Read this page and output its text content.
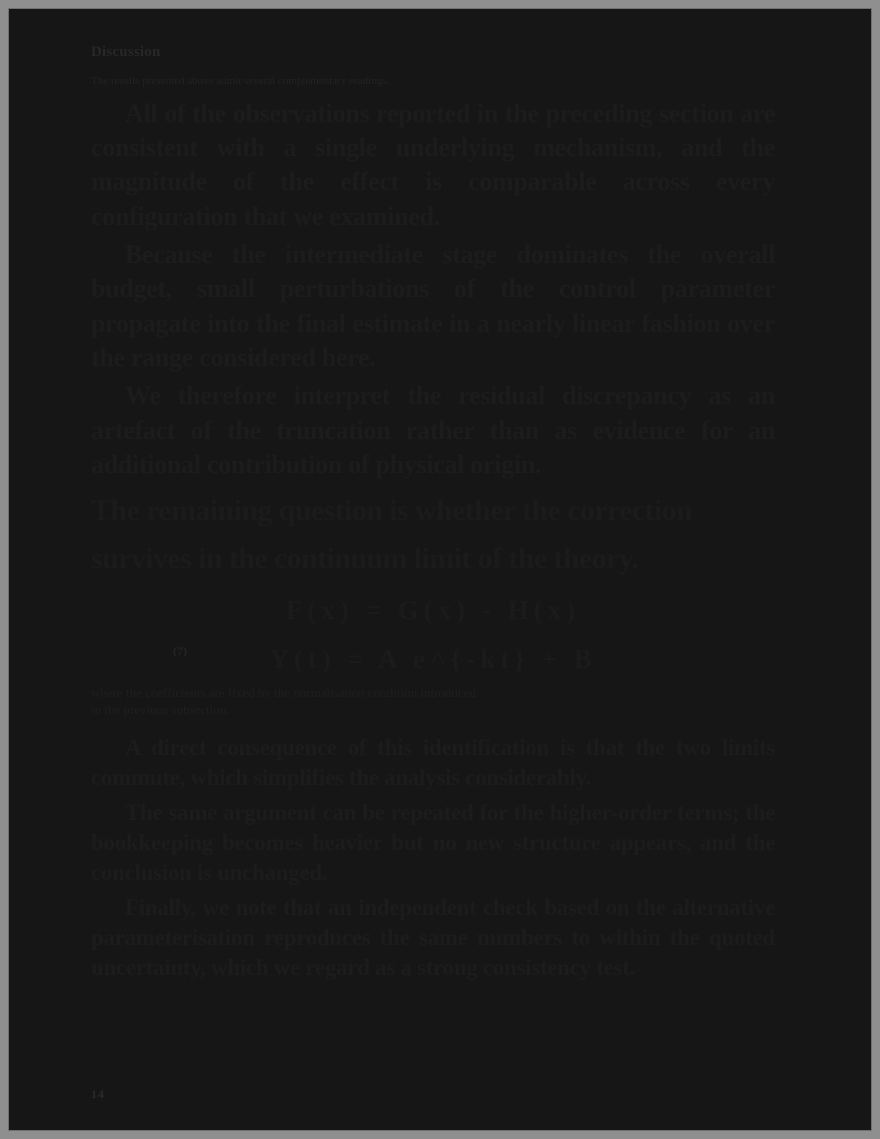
Discussion

The results presented above admit several complementary readings.

All of the observations reported in the preceding section are consistent with a single underlying mechanism, and the magnitude of the effect is comparable across every configuration that we examined.

Because the intermediate stage dominates the overall budget, small perturbations of the control parameter propagate into the final estimate in a nearly linear fashion over the range considered here.

We therefore interpret the residual discrepancy as an artefact of the truncation rather than as evidence for an additional contribution of physical origin.

The remaining question is whether the correction

survives in the continuum limit of the theory.

F(x) = G(x) - H(x)
(7)	Y(t) = A e^{-kt} + B

where the coefficients are fixed by the normalisation condition introduced in the previous subsection.

A direct consequence of this identification is that the two limits commute, which simplifies the analysis considerably.

The same argument can be repeated for the higher-order terms; the bookkeeping becomes heavier but no new structure appears, and the conclusion is unchanged.

Finally, we note that an independent check based on the alternative parameterisation reproduces the same numbers to within the quoted uncertainty, which we regard as a strong consistency test.

14
